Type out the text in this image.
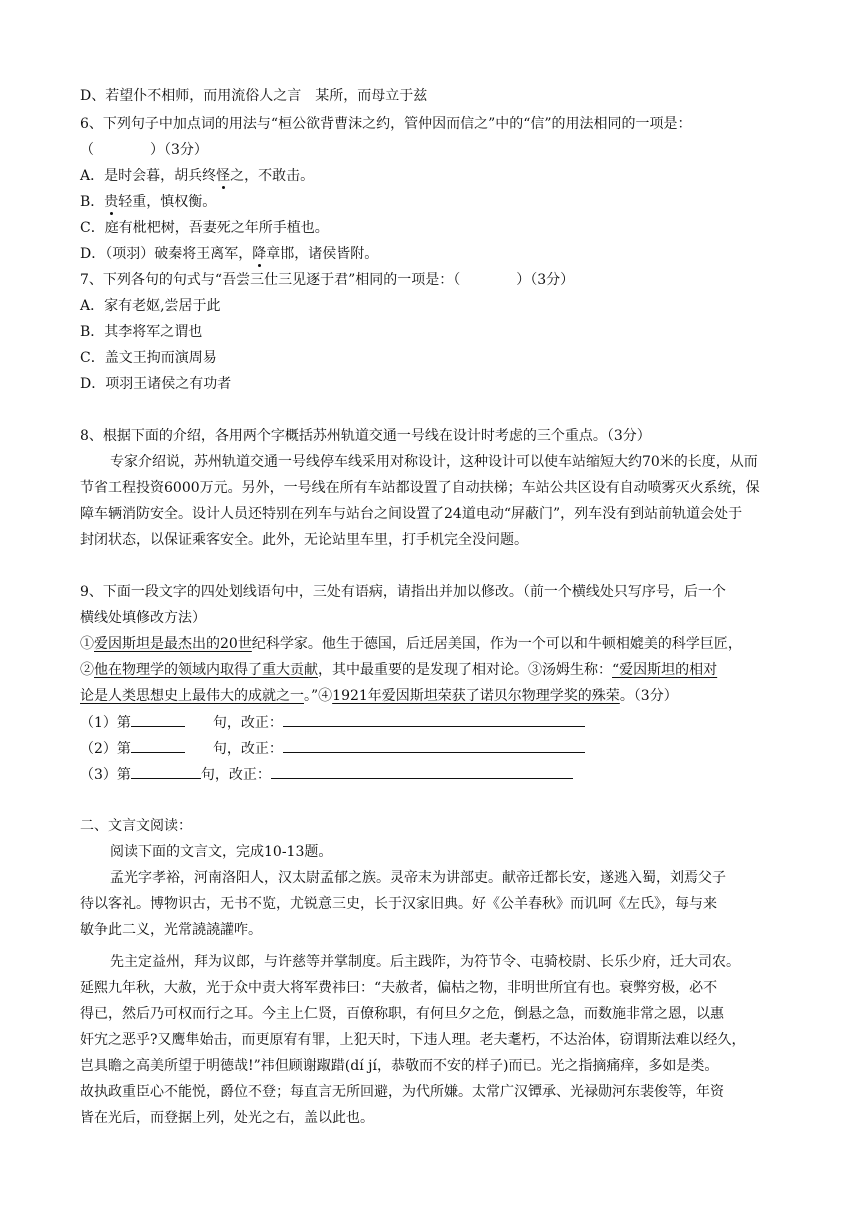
D、若望仆不相师，而用流俗人之言　某所，而母立于兹
6、下列句子中加点词的用法与“桓公欲背曹沫之约，管仲因而信之”中的“信”的用法相同的一项是：
（　　　　）（3分）
A．是时会暮，胡兵终怪之，不敢击。
B．贵轻重，慎权衡。
C．庭有枇杷树，吾妻死之年所手植也。
D．（项羽）破秦将王离军，降章邯，诸侯皆附。
7、下列各句的句式与“吾尝三仕三见逐于君”相同的一项是：（　　　　）（3分）
A．家有老妪,尝居于此
B．其李将军之谓也
C．盖文王拘而演周易
D．项羽王诸侯之有功者
8、根据下面的介绍，各用两个字概括苏州轨道交通一号线在设计时考虑的三个重点。（3分）
专家介绍说，苏州轨道交通一号线停车线采用对称设计，这种设计可以使车站缩短大约70米的长度，从而
节省工程投资6000万元。另外，一号线在所有车站都设置了自动扶梯；车站公共区设有自动喷雾灭火系统，保
障车辆消防安全。设计人员还特别在列车与站台之间设置了24道电动“屏蔽门”，列车没有到站前轨道会处于
封闭状态，以保证乘客安全。此外，无论站里车里，打手机完全没问题。
9、下面一段文字的四处划线语句中，三处有语病，请指出并加以修改。（前一个横线处只写序号，后一个
横线处填修改方法）
①爱因斯坦是最杰出的20世纪科学家。他生于德国，后迁居美国，作为一个可以和牛顿相媲美的科学巨匠，
②他在物理学的领域内取得了重大贡献，其中最重要的是发现了相对论。③汤姆生称：“爱因斯坦的相对
论是人类思想史上最伟大的成就之一。”④1921年爱因斯坦荣获了诺贝尔物理学奖的殊荣。（3分）
（1）第	句，改正：
（2）第	句，改正：
（3）第	句，改正：
二、文言文阅读：
阅读下面的文言文，完成10-13题。
孟光字孝裕，河南洛阳人，汉太尉孟郁之族。灵帝末为讲部吏。献帝迁都长安，遂逃入蜀，刘焉父子
待以客礼。博物识古，无书不览，尤锐意三史，长于汉家旧典。好《公羊春秋》而讥呵《左氏》，每与来
敏争此二义，光常譊譊讙咋。
先主定益州，拜为议郎，与许慈等并掌制度。后主践阼，为符节令、屯骑校尉、长乐少府，迁大司农。
延熙九年秋，大赦，光于众中责大将军费祎曰：“夫赦者，偏枯之物，非明世所宜有也。衰弊穷极，必不
得已，然后乃可权而行之耳。今主上仁贤，百僚称职，有何旦夕之危，倒悬之急，而数施非常之恩，以惠
奸宄之恶乎?又鹰隼始击，而更原宥有罪，上犯天时，下违人理。老夫耄朽，不达治体，窃谓斯法难以经久，
岂具瞻之高美所望于明德哉!”祎但顾谢踧踖(dí jí，恭敬而不安的样子)而已。光之指摘痛痒，多如是类。
故执政重臣心不能悦，爵位不登；每直言无所回避，为代所嫌。太常广汉镡承、光禄勋河东裴俊等，年资
皆在光后，而登据上列，处光之右，盖以此也。
